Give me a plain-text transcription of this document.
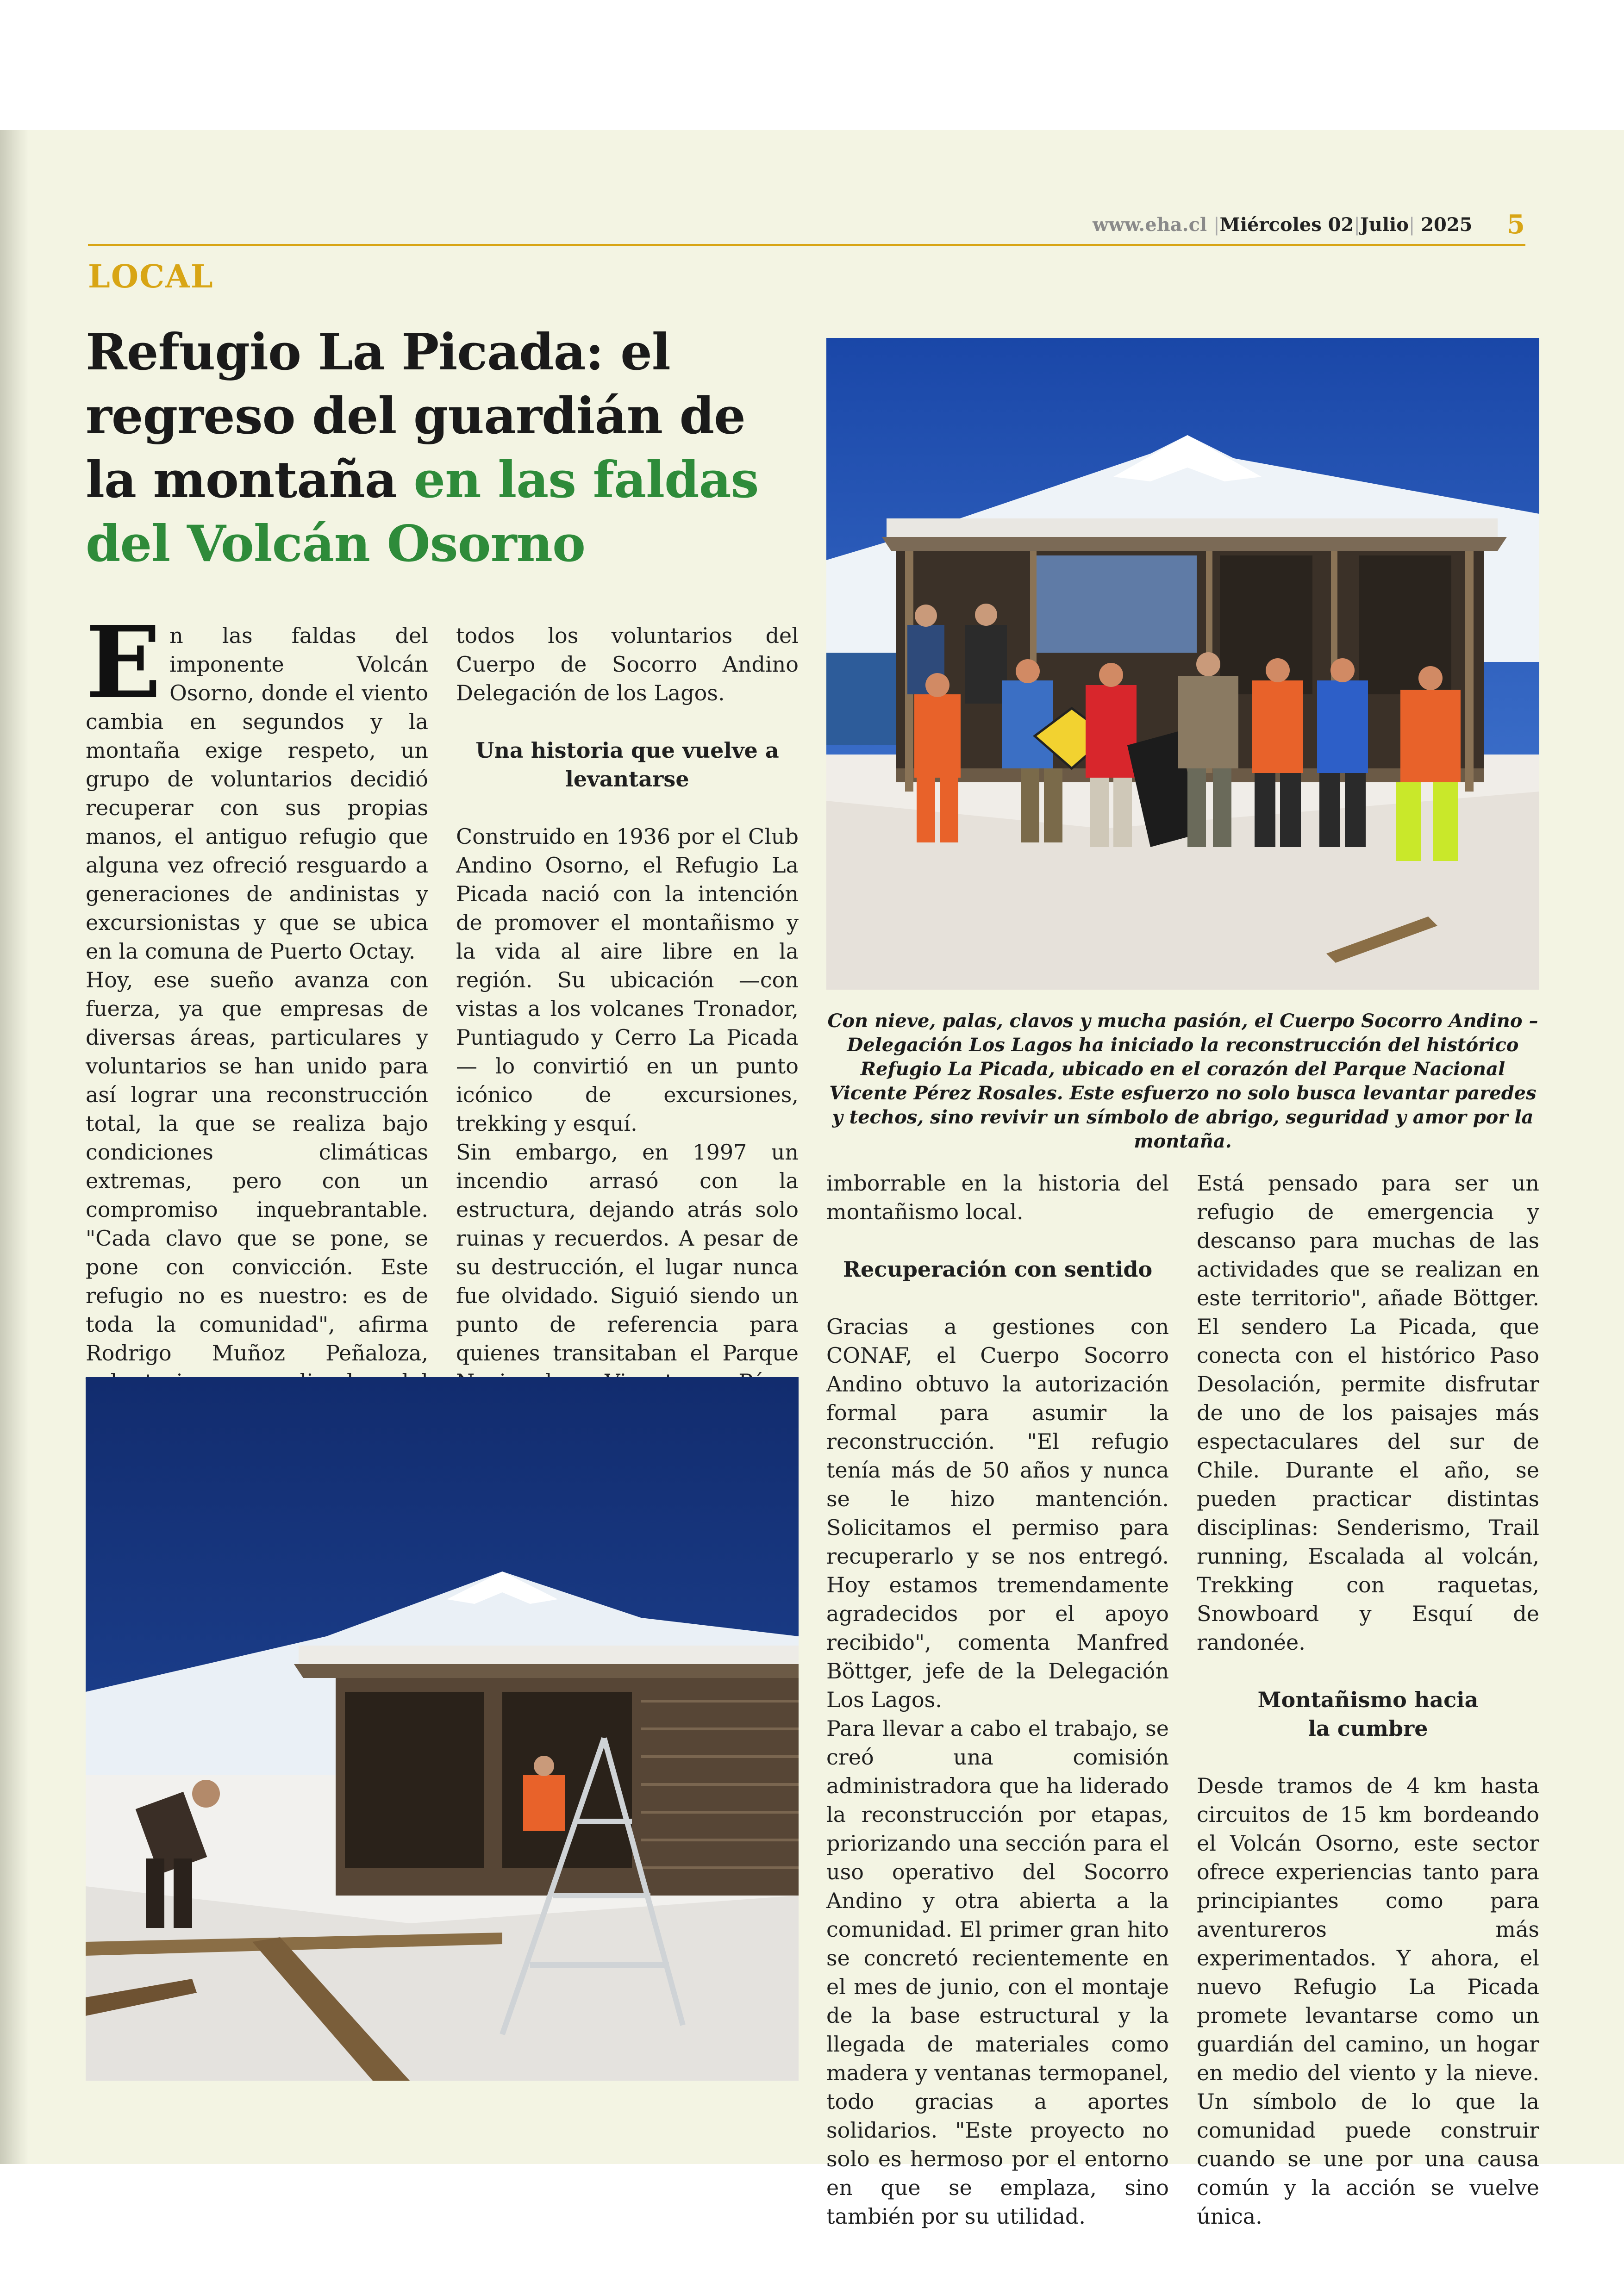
www.eha.cl |Miércoles 02|Julio| 2025 5
LOCAL
Refugio La Picada: el regreso del guardián de la montaña en las faldas del Volcán Osorno
E n las faldas del imponente Volcán Osorno, donde el viento cambia en segundos y la montaña exige respeto, un grupo de voluntarios decidió recuperar con sus propias manos, el antiguo refugio que alguna vez ofreció resguardo a generaciones de andinistas y excursionistas y que se ubica en la comuna de Puerto Octay.

Hoy, ese sueño avanza con fuerza, ya que empresas de diversas áreas, particulares y voluntarios se han unido para así lograr una reconstrucción total, la que se realiza bajo condiciones climáticas extremas, pero con un compromiso inquebrantable. "Cada clavo que se pone, se pone con convicción. Este refugio no es nuestro: es de toda la comunidad", afirma Rodrigo Muñoz Peñaloza,

todos los voluntarios del Cuerpo de Socorro Andino Delegación de los Lagos.

Una historia que vuelve a levantarse

Construido en 1936 por el Club Andino Osorno, el Refugio La Picada nació con la intención de promover el montañismo y la vida al aire libre en la región. Su ubicación —con vistas a los volcanes Tronador, Puntiagudo y Cerro La Picada— lo convirtió en un punto icónico de excursiones, trekking y esquí.

Sin embargo, en 1997 un incendio arrasó con la estructura, dejando atrás solo ruinas y recuerdos. A pesar de su destrucción, el lugar nunca fue olvidado. Siguió siendo un punto de referencia para quienes transitaban el Parque

Con nieve, palas, clavos y mucha pasión, el Cuerpo Socorro Andino – Delegación Los Lagos ha iniciado la reconstrucción del histórico Refugio La Picada, ubicado en el corazón del Parque Nacional Vicente Pérez Rosales. Este esfuerzo no solo busca levantar paredes y techos, sino revivir un símbolo de abrigo, seguridad y amor por la montaña.

imborrable en la historia del montañismo local.

Recuperación con sentido

Gracias a gestiones con CONAF, el Cuerpo Socorro Andino obtuvo la autorización formal para asumir la reconstrucción. "El refugio tenía más de 50 años y nunca se le hizo mantención. Solicitamos el permiso para recuperarlo y se nos entregó. Hoy estamos tremendamente agradecidos por el apoyo recibido", comenta Manfred Böttger, jefe de la Delegación Los Lagos.

Para llevar a cabo el trabajo, se creó una comisión administradora que ha liderado la reconstrucción por etapas, priorizando una sección para el uso operativo del Socorro Andino y otra abierta a la comunidad. El primer gran hito se concretó recientemente en el mes de junio, con el montaje de la base estructural y la llegada de materiales como madera y ventanas termopanel, todo gracias a aportes solidarios. "Este proyecto no solo es hermoso por el entorno en que se emplaza, sino también por su utilidad.

Está pensado para ser un refugio de emergencia y descanso para muchas de las actividades que se realizan en este territorio", añade Böttger. El sendero La Picada, que conecta con el histórico Paso Desolación, permite disfrutar de uno de los paisajes más espectaculares del sur de Chile. Durante el año, se pueden practicar distintas disciplinas: Senderismo, Trail running, Escalada al volcán, Trekking con raquetas, Snowboard y Esquí de randonée.

Montañismo hacia
la cumbre

Desde tramos de 4 km hasta circuitos de 15 km bordeando el Volcán Osorno, este sector ofrece experiencias tanto para principiantes como para aventureros más experimentados. Y ahora, el nuevo Refugio La Picada promete levantarse como un guardián del camino, un hogar en medio del viento y la nieve. Un símbolo de lo que la comunidad puede construir cuando se une por una causa común y la acción se vuelve única.
